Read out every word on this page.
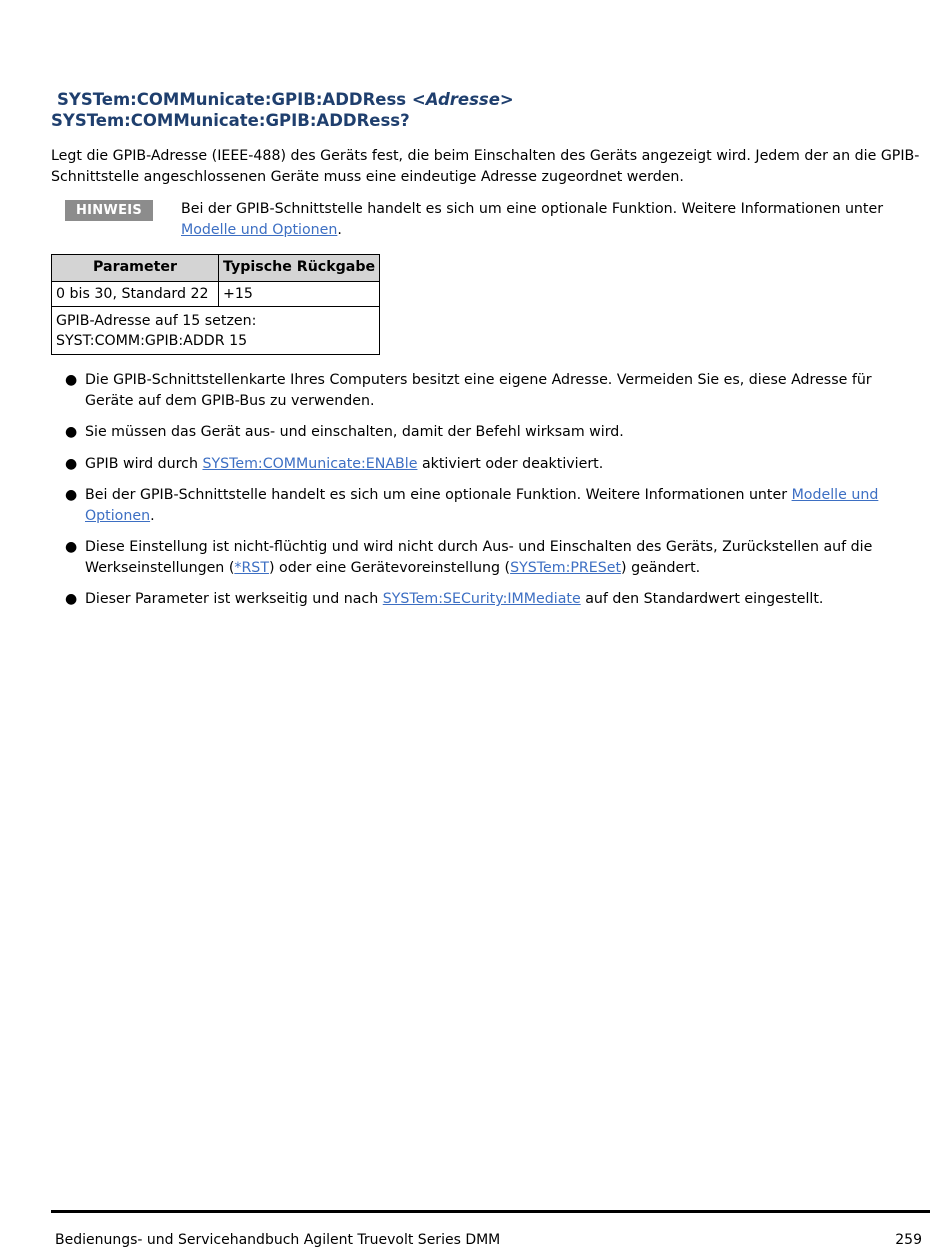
SYSTem:COMMunicate:GPIB:ADDRess <Adresse>
SYSTem:COMMunicate:GPIB:ADDRess?

Legt die GPIB-Adresse (IEEE-488) des Geräts fest, die beim Einschalten des Geräts angezeigt wird. Jedem der an die GPIB-Schnittstelle angeschlossenen Geräte muss eine eindeutige Adresse zugeordnet werden.

HINWEIS	Bei der GPIB-Schnittstelle handelt es sich um eine optionale Funktion. Weitere Informationen unter Modelle und Optionen.
Parameter	Typische Rückgabe
0 bis 30, Standard 22	+15

GPIB-Adresse auf 15 setzen:
SYST:COMM:GPIB:ADDR 15	
● Die GPIB-Schnittstellenkarte Ihres Computers besitzt eine eigene Adresse. Vermeiden Sie es, diese Adresse für Geräte auf dem GPIB-Bus zu verwenden.
● Sie müssen das Gerät aus- und einschalten, damit der Befehl wirksam wird.
● GPIB wird durch SYSTem:COMMunicate:ENABle aktiviert oder deaktiviert.
● Bei der GPIB-Schnittstelle handelt es sich um eine optionale Funktion. Weitere Informationen unter Modelle und Optionen.
● Diese Einstellung ist nicht-flüchtig und wird nicht durch Aus- und Einschalten des Geräts, Zurückstellen auf die Werkseinstellungen (*RST) oder eine Gerätevoreinstellung (SYSTem:PRESet) geändert.
● Dieser Parameter ist werkseitig und nach SYSTem:SECurity:IMMediate auf den Standardwert eingestellt.
Bedienungs- und Servicehandbuch Agilent Truevolt Series DMM	259
